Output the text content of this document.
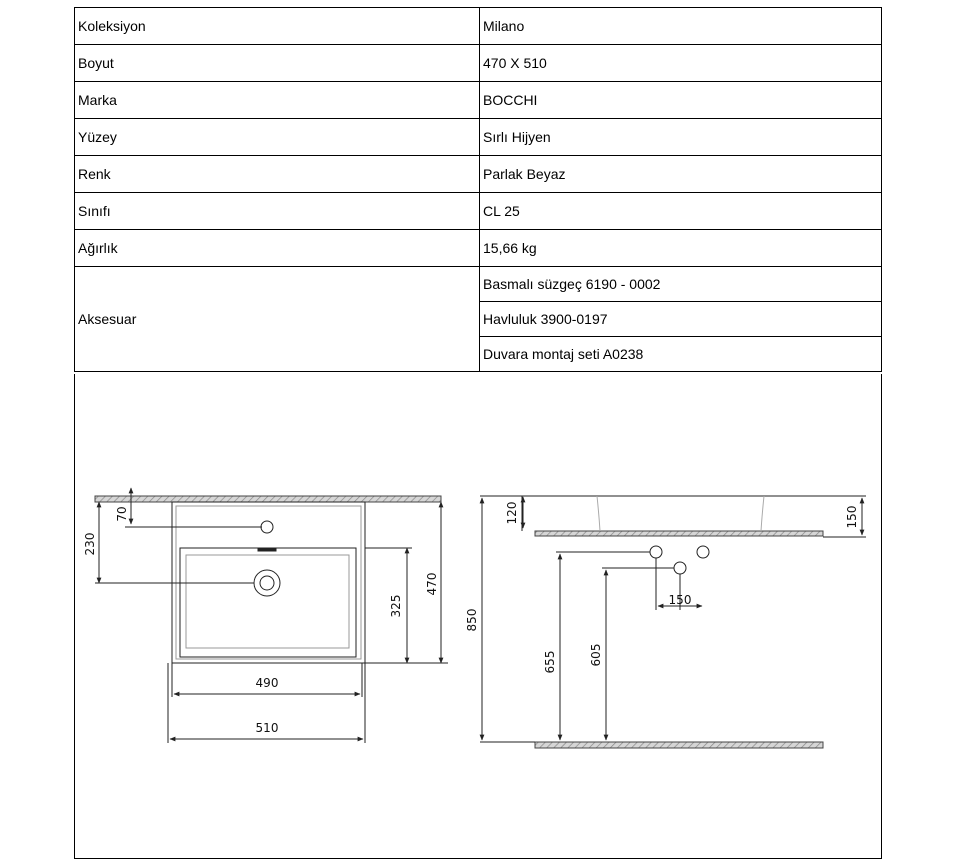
Koleksiyon	Milano
Boyut	470 X 510
Marka	BOCCHI
Yüzey	Sırlı Hijyen
Renk	Parlak Beyaz
Sınıfı	CL 25
Ağırlık	15,66 kg
Aksesuar	Basmalı süzgeç 6190 - 0002
	Havluluk 3900-0197
	Duvara montaj seti A0238
70
230
325
470
490
510
120	150
150
850
655	605
